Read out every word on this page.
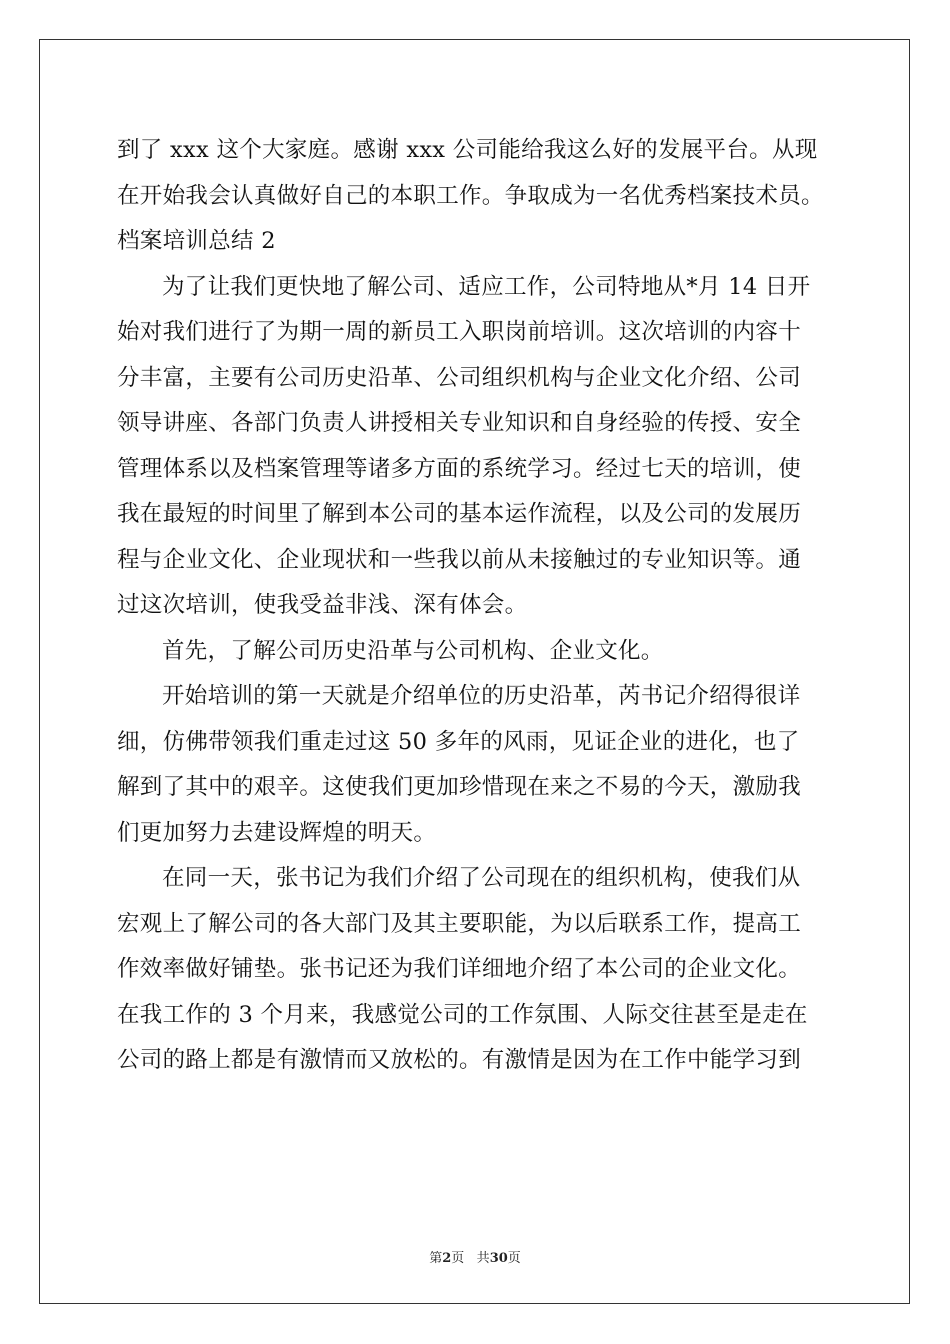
到了 xxx 这个大家庭。感谢 xxx 公司能给我这么好的发展平台。从现
在开始我会认真做好自己的本职工作。争取成为一名优秀档案技术员。
档案培训总结 2
为了让我们更快地了解公司、适应工作，公司特地从*月 14 日开
始对我们进行了为期一周的新员工入职岗前培训。这次培训的内容十
分丰富，主要有公司历史沿革、公司组织机构与企业文化介绍、公司
领导讲座、各部门负责人讲授相关专业知识和自身经验的传授、安全
管理体系以及档案管理等诸多方面的系统学习。经过七天的培训，使
我在最短的时间里了解到本公司的基本运作流程，以及公司的发展历
程与企业文化、企业现状和一些我以前从未接触过的专业知识等。通
过这次培训，使我受益非浅、深有体会。
首先，了解公司历史沿革与公司机构、企业文化。
开始培训的第一天就是介绍单位的历史沿革，芮书记介绍得很详
细，仿佛带领我们重走过这 50 多年的风雨，见证企业的进化，也了
解到了其中的艰辛。这使我们更加珍惜现在来之不易的今天，激励我
们更加努力去建设辉煌的明天。
在同一天，张书记为我们介绍了公司现在的组织机构，使我们从
宏观上了解公司的各大部门及其主要职能，为以后联系工作，提高工
作效率做好铺垫。张书记还为我们详细地介绍了本公司的企业文化。
在我工作的 3 个月来，我感觉公司的工作氛围、人际交往甚至是走在
公司的路上都是有激情而又放松的。有激情是因为在工作中能学习到
第2页 共30页
